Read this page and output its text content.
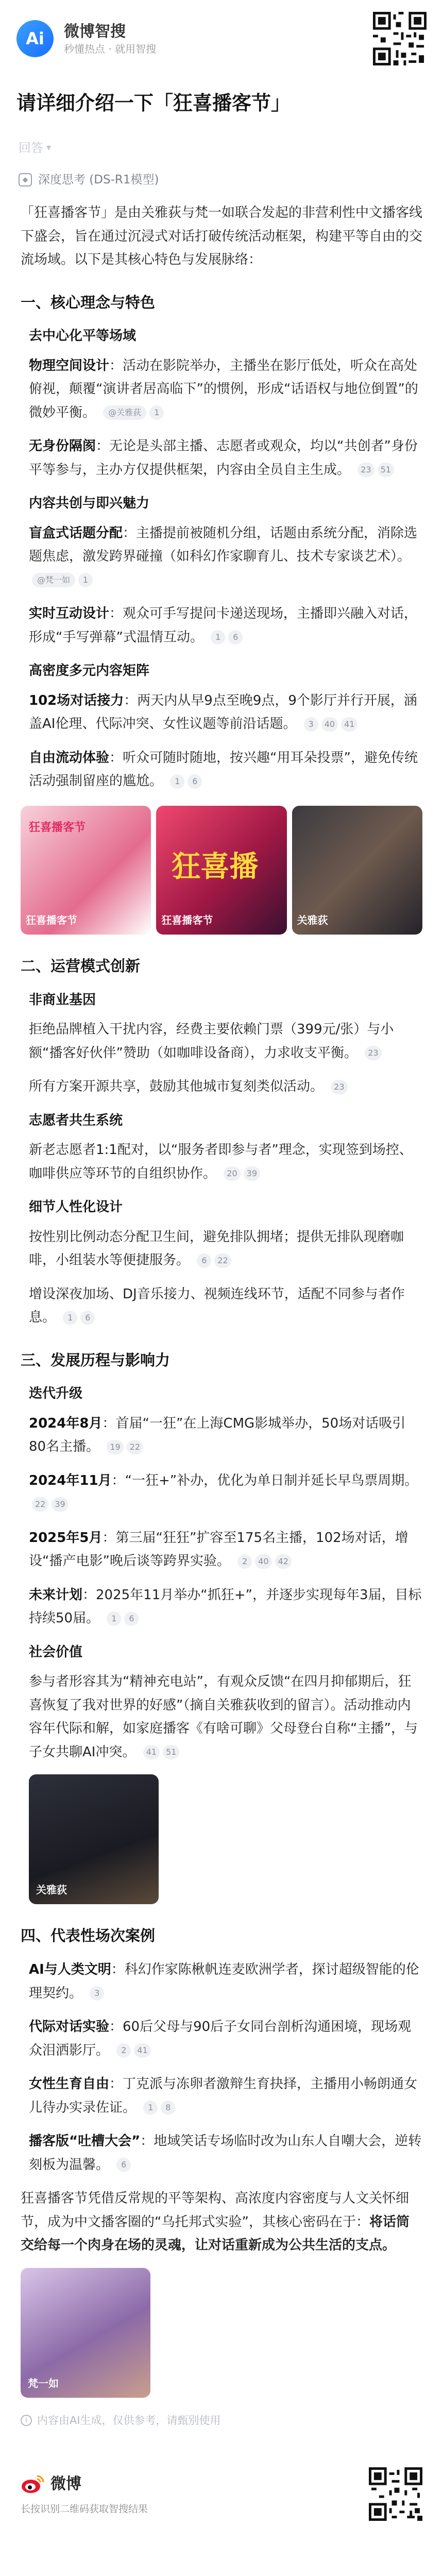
Ai	微博智搜
秒懂热点 · 就用智搜
请详细介绍一下「狂喜播客节」
回答 ▾
◆ 深度思考 (DS-R1模型)
「狂喜播客节」是由关雅荻与梵一如联合发起的非营利性中文播客线下盛会，旨在通过沉浸式对话打破传统活动框架，构建平等自由的交流场域。以下是其核心特色与发展脉络：
一、核心理念与特色
去中心化平等场域
物理空间设计：活动在影院举办，主播坐在影厅低处，听众在高处俯视，颠覆“演讲者居高临下”的惯例，形成“话语权与地位倒置”的微妙平衡。 @关雅荻 1
无身份隔阂：无论是头部主播、志愿者或观众，均以“共创者”身份平等参与，主办方仅提供框架，内容由全员自主生成。 23 51
内容共创与即兴魅力
盲盒式话题分配：主播提前被随机分组，话题由系统分配，消除选题焦虑，激发跨界碰撞（如科幻作家聊育儿、技术专家谈艺术）。 @梵一如 1
实时互动设计：观众可手写提问卡递送现场，主播即兴融入对话，形成“手写弹幕”式温情互动。 1 6
高密度多元内容矩阵
102场对话接力：两天内从早9点至晚9点，9个影厅并行开展，涵盖AI伦理、代际冲突、女性议题等前沿话题。 3 40 41
自由流动体验：听众可随时随地，按兴趣“用耳朵投票”，避免传统活动强制留座的尴尬。 1 6
狂喜播客节
狂喜播客节
狂喜播
狂喜播客节	关雅荻
二、运营模式创新
非商业基因
拒绝品牌植入干扰内容，经费主要依赖门票（399元/张）与小额“播客好伙伴”赞助（如咖啡设备商），力求收支平衡。 23
所有方案开源共享，鼓励其他城市复刻类似活动。 23
志愿者共生系统
新老志愿者1:1配对，以“服务者即参与者”理念，实现签到场控、咖啡供应等环节的自组织协作。 20 39
细节人性化设计
按性别比例动态分配卫生间，避免排队拥堵；提供无排队现磨咖啡，小组装水等便捷服务。 6 22
增设深夜加场、DJ音乐接力、视频连线环节，适配不同参与者作息。 1 6
三、发展历程与影响力
迭代升级
2024年8月：首届“一狂”在上海CMG影城举办，50场对话吸引80名主播。 19 22
2024年11月：“一狂+”补办，优化为单日制并延长早鸟票周期。 22 39
2025年5月：第三届“狂狂”扩容至175名主播，102场对话，增设“播产电影”晚后谈等跨界实验。 2 40 42
未来计划：2025年11月举办“抓狂+”，并逐步实现每年3届，目标持续50届。 1 6
社会价值
参与者形容其为“精神充电站”，有观众反馈“在四月抑郁期后，狂喜恢复了我对世界的好感”（摘自关雅荻收到的留言）。活动推动内容年代际和解，如家庭播客《有啥可聊》父母登台自称“主播”，与子女共聊AI冲突。 41 51
关雅荻
四、代表性场次案例
AI与人类文明：科幻作家陈楸帆连麦欧洲学者，探讨超级智能的伦理契约。 3
代际对话实验：60后父母与90后子女同台剖析沟通困境，现场观众泪洒影厅。 2 41
女性生育自由：丁克派与冻卵者激辩生育抉择，主播用小畅朗通女儿待办实录佐证。 1 8
播客版“吐槽大会”：地域笑话专场临时改为山东人自嘲大会，逆转刻板为温馨。 6
狂喜播客节凭借反常规的平等架构、高浓度内容密度与人文关怀细节，成为中文播客圈的“乌托邦式实验”，其核心密码在于：将话筒交给每一个肉身在场的灵魂，让对话重新成为公共生活的支点。
梵一如
i 内容由AI生成，仅供参考，请甄别使用
微博
长按识别二维码获取智搜结果
